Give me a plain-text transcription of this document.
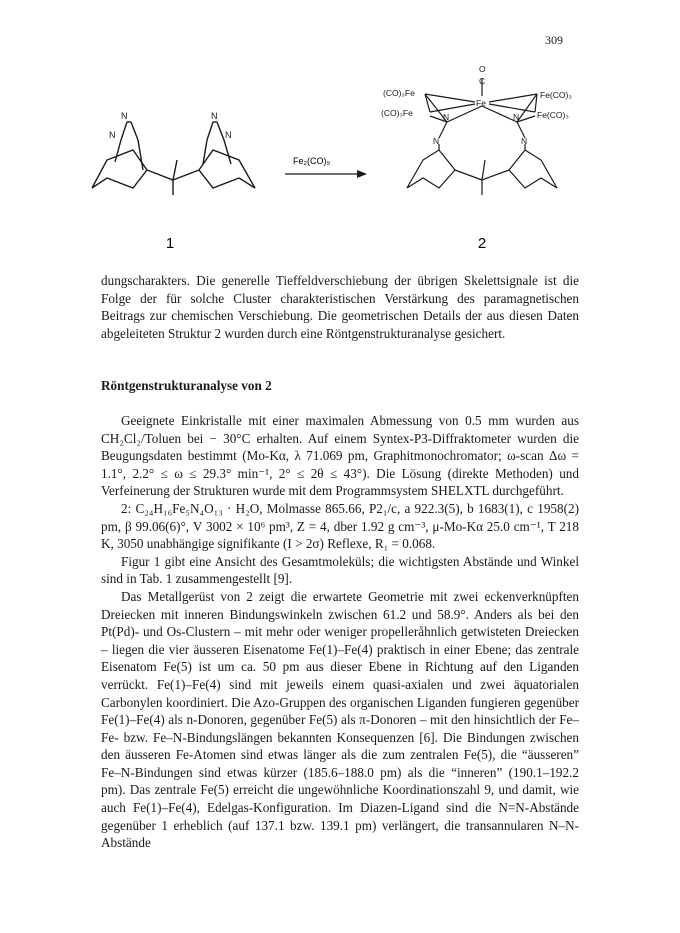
309
N
N
N
N
1
Fe₂(CO)₉
O
C
Fe
(CO)₃Fe
(CO)₃Fe
Fe(CO)₃
Fe(CO)₃
N
N
N
N
2

dungscharakters. Die generelle Tieffeldverschiebung der übrigen Skelettsignale ist die Folge der für solche Cluster charakteristischen Verstärkung des paramagnetischen Beitrags zur chemischen Verschiebung. Die geometrischen Details der aus diesen Daten abgeleiteten Struktur 2 wurden durch eine Röntgenstrukturanalyse gesichert.

Röntgenstrukturanalyse von 2

Geeignete Einkristalle mit einer maximalen Abmessung von 0.5 mm wurden aus CH₂Cl₂/Toluen bei − 30°C erhalten. Auf einem Syntex-P3-Diffraktometer wurden die Beugungsdaten bestimmt (Mo-Kα, λ 71.069 pm, Graphitmonochromator; ω-scan Δω = 1.1°, 2.2° ≤ ω ≤ 29.3° min⁻¹, 2° ≤ 2θ ≤ 43°). Die Lösung (direkte Methoden) und Verfeinerung der Strukturen wurde mit dem Programmsystem SHELXTL durchgeführt.

2: C₂₄H₁₆Fe₅N₄O₁₃ · H₂O, Molmasse 865.66, P2₁/c, a 922.3(5), b 1683(1), c 1958(2) pm, β 99.06(6)°, V 3002 × 10⁶ pm³, Z = 4, dber 1.92 g cm⁻³, μ-Mo-Kα 25.0 cm⁻¹, T 218 K, 3050 unabhängige signifikante (I > 2σ) Reflexe, R₁ = 0.068.

Figur 1 gibt eine Ansicht des Gesamtmoleküls; die wichtigsten Abstände und Winkel sind in Tab. 1 zusammengestellt [9].

Das Metallgerüst von 2 zeigt die erwartete Geometrie mit zwei eckenverknüpften Dreiecken mit inneren Bindungswinkeln zwischen 61.2 und 58.9°. Anders als bei den Pt(Pd)- und Os-Clustern – mit mehr oder weniger propelleråhnlich getwisteten Dreiecken – liegen die vier äusseren Eisenatome Fe(1)–Fe(4) praktisch in einer Ebene; das zentrale Eisenatom Fe(5) ist um ca. 50 pm aus dieser Ebene in Richtung auf den Liganden verrückt. Fe(1)–Fe(4) sind mit jeweils einem quasi-axialen und zwei äquatorialen Carbonylen koordiniert. Die Azo-Gruppen des organischen Liganden fungieren gegenüber Fe(1)–Fe(4) als n-Donoren, gegenüber Fe(5) als π-Donoren – mit den hinsichtlich der Fe–Fe- bzw. Fe–N-Bindungslängen bekannten Konsequenzen [6]. Die Bindungen zwischen den äusseren Fe-Atomen sind etwas länger als die zum zentralen Fe(5), die “äusseren” Fe–N-Bindungen sind etwas kürzer (185.6–188.0 pm) als die “inneren” (190.1–192.2 pm). Das zentrale Fe(5) erreicht die ungewöhnliche Koordinationszahl 9, und damit, wie auch Fe(1)–Fe(4), Edelgas-Konfiguration. Im Diazen-Ligand sind die N=N-Abstände gegenüber 1 erheblich (auf 137.1 bzw. 139.1 pm) verlängert, die transannularen N–N-Abstände
